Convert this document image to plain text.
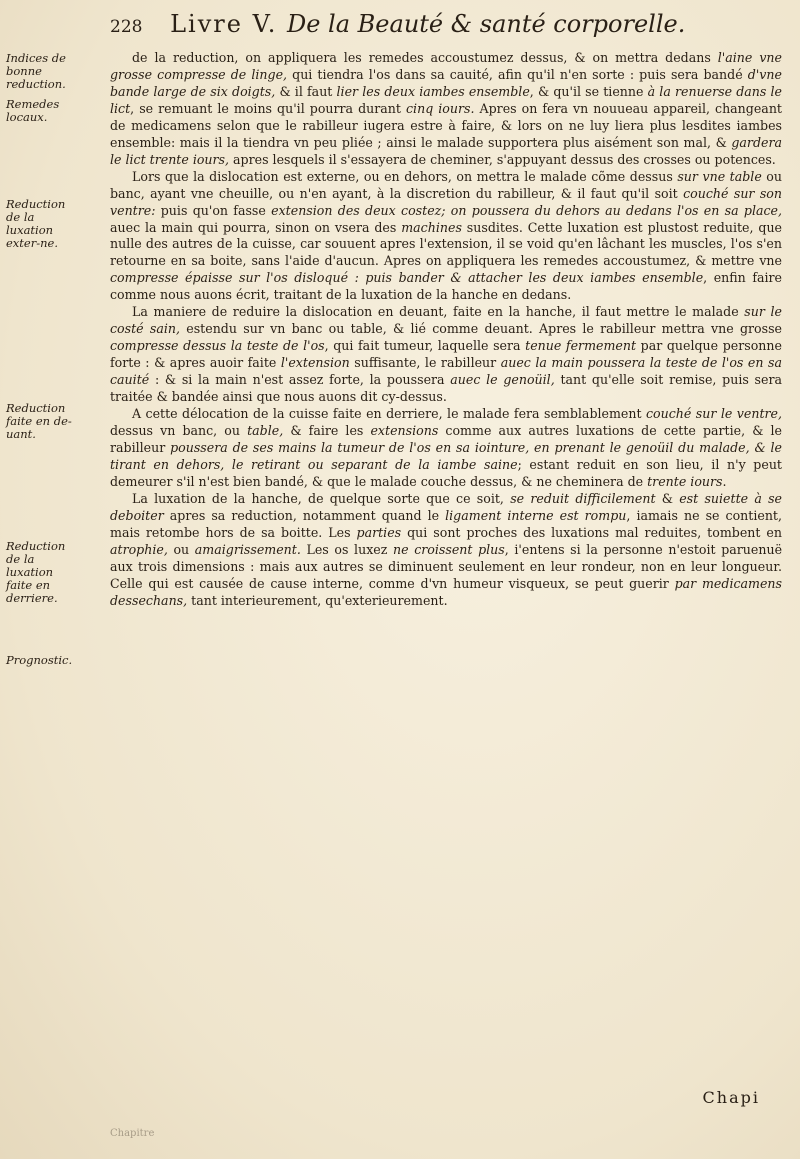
228 Livre V. De la Beauté & santé corporelle.
Indices de bonne reduction.
Remedes locaux.
Reduction de la luxation exter-ne.
Reduction faite en de-uant.
Reduction de la luxation faite en derriere.
Prognostic.

de la reduction, on appliquera les remedes accoustumez dessus, & on mettra dedans l'aine vne grosse compresse de linge, qui tiendra l'os dans sa cauité, afin qu'il n'en sorte : puis sera bandé d'vne bande large de six doigts, & il faut lier les deux iambes ensemble, & qu'il se tienne à la renuerse dans le lict, se remuant le moins qu'il pourra durant cinq iours. Apres on fera vn nouueau appareil, changeant de medicamens selon que le rabilleur iugera estre à faire, & lors on ne luy liera plus lesdites iambes ensemble: mais il la tiendra vn peu pliée ; ainsi le malade supportera plus aisément son mal, & gardera le lict trente iours, apres lesquels il s'essayera de cheminer, s'appuyant dessus des crosses ou potences.

Lors que la dislocation est externe, ou en dehors, on mettra le malade cõme dessus sur vne table ou banc, ayant vne cheuille, ou n'en ayant, à la discretion du rabilleur, & il faut qu'il soit couché sur son ventre: puis qu'on fasse extension des deux costez; on poussera du dehors au dedans l'os en sa place, auec la main qui pourra, sinon on vsera des machines susdites. Cette luxation est plustost reduite, que nulle des autres de la cuisse, car souuent apres l'extension, il se void qu'en lâchant les muscles, l'os s'en retourne en sa boite, sans l'aide d'aucun. Apres on appliquera les remedes accoustumez, & mettre vne compresse épaisse sur l'os disloqué : puis bander & attacher les deux iambes ensemble, enfin faire comme nous auons écrit, traitant de la luxation de la hanche en dedans.

La maniere de reduire la dislocation en deuant, faite en la hanche, il faut mettre le malade sur le costé sain, estendu sur vn banc ou table, & lié comme deuant. Apres le rabilleur mettra vne grosse compresse dessus la teste de l'os, qui fait tumeur, laquelle sera tenue fermement par quelque personne forte : & apres auoir faite l'extension suffisante, le rabilleur auec la main poussera la teste de l'os en sa cauité : & si la main n'est assez forte, la poussera auec le genoüil, tant qu'elle soit remise, puis sera traitée & bandée ainsi que nous auons dit cy-dessus.

A cette délocation de la cuisse faite en derriere, le malade fera semblablement couché sur le ventre, dessus vn banc, ou table, & faire les extensions comme aux autres luxations de cette partie, & le rabilleur poussera de ses mains la tumeur de l'os en sa iointure, en prenant le genoüil du malade, & le tirant en dehors, le retirant ou separant de la iambe saine; estant reduit en son lieu, il n'y peut demeurer s'il n'est bien bandé, & que le malade couche dessus, & ne cheminera de trente iours.

La luxation de la hanche, de quelque sorte que ce soit, se reduit difficilement & est suiette à se deboiter apres sa reduction, notamment quand le ligament interne est rompu, iamais ne se contient, mais retombe hors de sa boitte. Les parties qui sont proches des luxations mal reduites, tombent en atrophie, ou amaigrissement. Les os luxez ne croissent plus, i'entens si la personne n'estoit paruenuë aux trois dimensions : mais aux autres se diminuent seulement en leur rondeur, non en leur longueur. Celle qui est causée de cause interne, comme d'vn humeur visqueux, se peut guerir par medicamens dessechans, tant interieurement, qu'exterieurement.

Chapi
Chapitre
